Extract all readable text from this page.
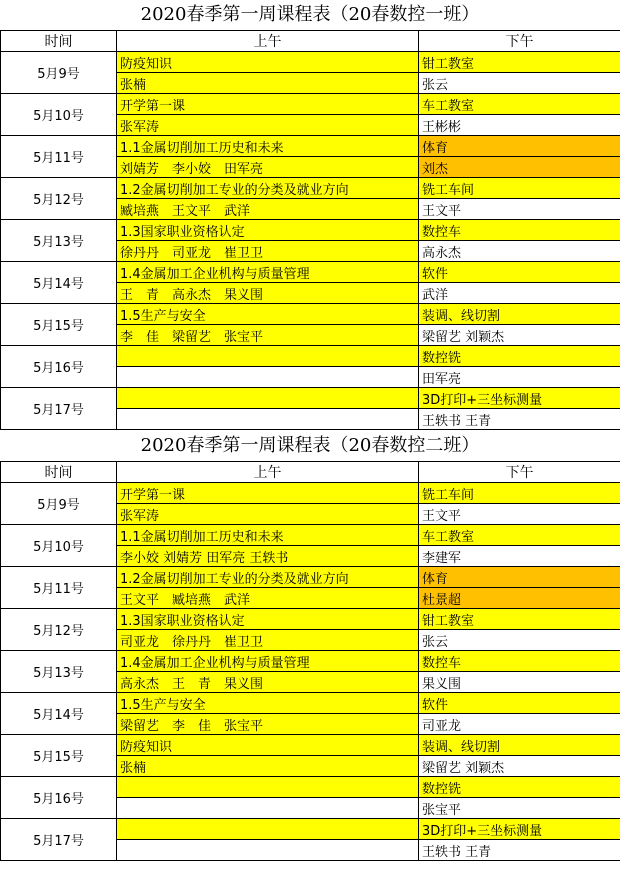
2020春季第一周课程表（20春数控一班）
时间	上午	下午
5月9号	防疫知识	钳工教室
	张楠	张云
5月10号	开学第一课	车工教室
	张军涛	王彬彬
5月11号	1.1金属切削加工历史和未来	体育
	刘婧芳　李小姣　田军亮	刘杰
5月12号	1.2金属切削加工专业的分类及就业方向	铣工车间
	臧培燕　王文平　武洋	王文平
5月13号	1.3国家职业资格认定	数控车
	徐丹丹　司亚龙　崔卫卫	高永杰
5月14号	1.4金属加工企业机构与质量管理	软件
	王　青　高永杰　果义围	武洋
5月15号	1.5生产与安全	装调、线切割
	李　佳　梁留艺　张宝平	梁留艺 刘颖杰
5月16号		数控铣
		田军亮
5月17号		3D打印+三坐标测量
		王轶书 王青
2020春季第一周课程表（20春数控二班）
时间	上午	下午
5月9号	开学第一课	铣工车间
	张军涛	王文平
5月10号	1.1金属切削加工历史和未来	车工教室
	李小姣 刘婧芳 田军亮 王轶书	李建军
5月11号	1.2金属切削加工专业的分类及就业方向	体育
	王文平　臧培燕　武洋	杜景超
5月12号	1.3国家职业资格认定	钳工教室
	司亚龙　徐丹丹　崔卫卫	张云
5月13号	1.4金属加工企业机构与质量管理	数控车
	高永杰　王　青　果义围	果义围
5月14号	1.5生产与安全	软件
	梁留艺　李　佳　张宝平	司亚龙
5月15号	防疫知识	装调、线切割
	张楠	梁留艺 刘颖杰
5月16号		数控铣
		张宝平
5月17号		3D打印+三坐标测量
		王轶书 王青
